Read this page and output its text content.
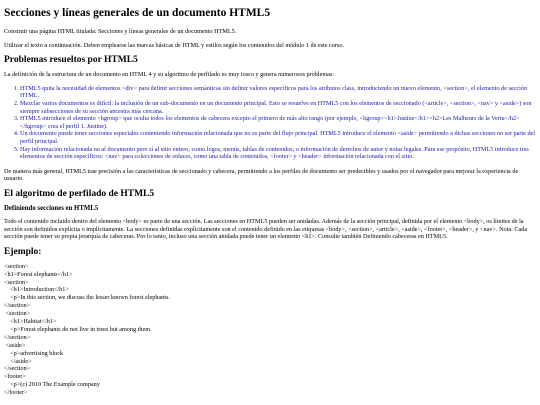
Secciones y líneas generales de un documento HTML5

Construir una página HTML titulada: Secciones y líneas generales de un documento HTML5.

Utilizar el texto a continuación. Deben emplearse las marcas básicas de HTML y estilos según los contenidos del módulo 1 de este curso.

Problemas resueltos por HTML5

La definición de la estructura de un documento en HTML 4 y su algoritmo de perfilado es muy tosco y genera numerosos problemas:

1. HTML5 quita la necesidad de elementos <div> para definir secciones semánticas sin definir valores específicos para los atributos class, introduciendo un nuevo elemento, <section>, el elemento de sección HTML.
2. Mezclar varios documentos es difícil: la inclusión de un sub-documento en un documento principal. Esto se resuelve en HTML5 con los elementos de seccionado (<article>, <section>, <nav> y <aside>) son siempre subsecciones de su sección ancestra más cercana.
3. HTML5 introduce el elemento <hgroup> que oculta todos los elementos de cabecera excepto el primero de más alto rango (por ejemplo, <hgroup><h1>Justine</h1><h2>Les Malheurs de la Vertu</h2></hgroup> crea el perfil 1. Justine).
4. Un documento puede tener secciones especiales conteniendo información relacionada que no es parte del flujo principal. HTML5 introduce el elemento <aside> permitiendo a dichas secciones no ser parte del perfil principal.
5. Hay información relacionada no al documento pero sí al sitio entero, como logos, menús, tablas de contenidos, o información de derechos de autor y notas legales. Para ese propósito, HTML5 introduce tres elementos de sección específicos: <nav> para colecciones de enlaces, como una tabla de contenidos, <footer> y <header> información relacionada con el sitio.

De manera más general, HTML5 trae precisión a las características de seccionado y cabecera, permitiendo a los perfiles de documento ser predecibles y usados por el navegador para mejorar la experiencia de usuario.

El algoritmo de perfilado de HTML5
Definiendo secciones en HTML5

Todo el contenido incluido dentro del elemento <body> es parte de una sección. Las secciones en HTML5 pueden ser anidadas. Además de la sección principal, definida por el elemento <body>, os límites de la sección son definidos explícita o implícitamente. La secciones definidas explícitamente son el contenido definido en las etiquetas <body>, <section>, <article>, <aside>, <footer>, <header>, y <nav>. Nota: Cada sección puede tener su propia jerarquía de cabeceras. Por lo tanto, incluso una sección anidada puede tener un elemento <h1>. Consulte también Definiendo cabeceras en HTML5.

Ejemplo:
<section>
<h1>Forest elephants</h1>
<section>
<h1>Introduction</h1>
<p>In this section, we discuss the lesser known forest elephants.
</section>
<section>
<h1>Habitat</h1>
<p>Forest elephants do not live in trees but among them.
</section>
<aside>
<p>advertising block
</aside>
</section>
<footer>
<p>(c) 2010 The Example company
</footer>
